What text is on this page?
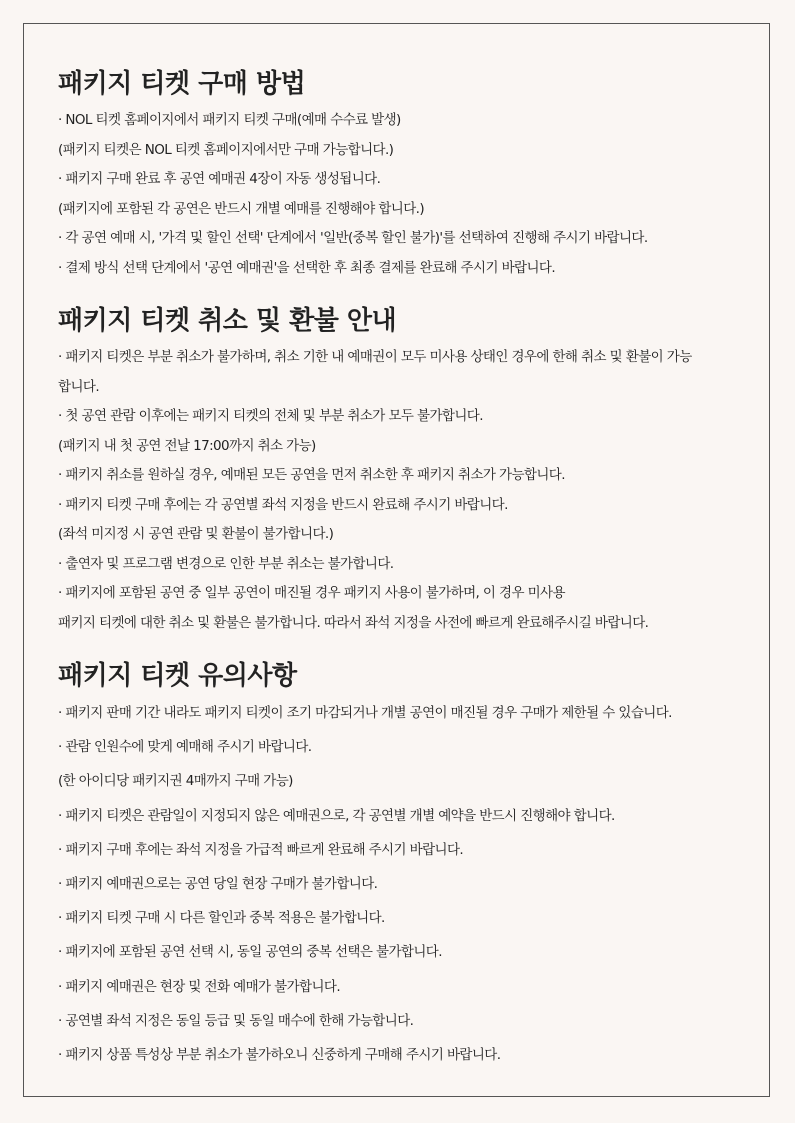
패키지 티켓 구매 방법

· NOL 티켓 홈페이지에서 패키지 티켓 구매(예매 수수료 발생)

(패키지 티켓은 NOL 티켓 홈페이지에서만 구매 가능합니다.)

· 패키지 구매 완료 후 공연 예매권 4장이 자동 생성됩니다.

(패키지에 포함된 각 공연은 반드시 개별 예매를 진행해야 합니다.)

· 각 공연 예매 시, '가격 및 할인 선택' 단계에서 '일반(중복 할인 불가)'를 선택하여 진행해 주시기 바랍니다.

· 결제 방식 선택 단계에서 '공연 예매권'을 선택한 후 최종 결제를 완료해 주시기 바랍니다.

패키지 티켓 취소 및 환불 안내

· 패키지 티켓은 부분 취소가 불가하며, 취소 기한 내 예매권이 모두 미사용 상태인 경우에 한해 취소 및 환불이 가능

합니다.

· 첫 공연 관람 이후에는 패키지 티켓의 전체 및 부분 취소가 모두 불가합니다.

(패키지 내 첫 공연 전날 17:00까지 취소 가능)

· 패키지 취소를 원하실 경우, 예매된 모든 공연을 먼저 취소한 후 패키지 취소가 가능합니다.

· 패키지 티켓 구매 후에는 각 공연별 좌석 지정을 반드시 완료해 주시기 바랍니다.

(좌석 미지정 시 공연 관람 및 환불이 불가합니다.)

· 출연자 및 프로그램 변경으로 인한 부분 취소는 불가합니다.

· 패키지에 포함된 공연 중 일부 공연이 매진될 경우 패키지 사용이 불가하며, 이 경우 미사용

패키지 티켓에 대한 취소 및 환불은 불가합니다. 따라서 좌석 지정을 사전에 빠르게 완료해주시길 바랍니다.

패키지 티켓 유의사항

· 패키지 판매 기간 내라도 패키지 티켓이 조기 마감되거나 개별 공연이 매진될 경우 구매가 제한될 수 있습니다.

· 관람 인원수에 맞게 예매해 주시기 바랍니다.

(한 아이디당 패키지권 4매까지 구매 가능)

· 패키지 티켓은 관람일이 지정되지 않은 예매권으로, 각 공연별 개별 예약을 반드시 진행해야 합니다.

· 패키지 구매 후에는 좌석 지정을 가급적 빠르게 완료해 주시기 바랍니다.

· 패키지 예매권으로는 공연 당일 현장 구매가 불가합니다.

· 패키지 티켓 구매 시 다른 할인과 중복 적용은 불가합니다.

· 패키지에 포함된 공연 선택 시, 동일 공연의 중복 선택은 불가합니다.

· 패키지 예매권은 현장 및 전화 예매가 불가합니다.

· 공연별 좌석 지정은 동일 등급 및 동일 매수에 한해 가능합니다.

· 패키지 상품 특성상 부분 취소가 불가하오니 신중하게 구매해 주시기 바랍니다.
